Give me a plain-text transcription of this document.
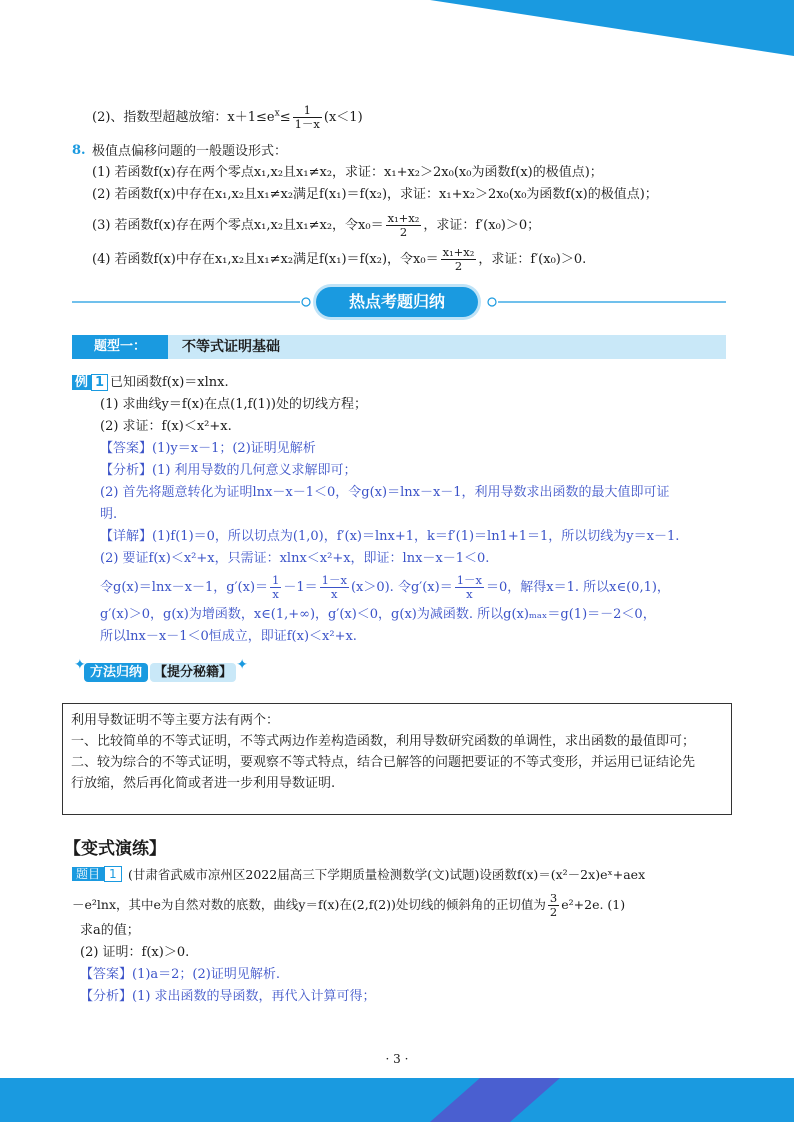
(2)、指数型超越放缩：$x+1\le e^x\le \frac{1}{1-x} (x<1)$
8. 极值点偏移问题的一般题设形式：
(1) 若函数f(x)存在两个零点x₁,x₂且x₁≠x₂，求证：x₁+x₂＞2x₀(x₀为函数f(x)的极值点)；
(2) 若函数f(x)中存在x₁,x₂且x₁≠x₂满足f(x₁)＝f(x₂)，求证：x₁+x₂＞2x₀(x₀为函数f(x)的极值点)；
(3) 若函数f(x)存在两个零点x₁,x₂且x₁≠x₂，令$x_0= \frac{\text{x₁+x₂}}{2}$ ，求证：f′(x₀)＞0；
(4) 若函数f(x)中存在x₁,x₂且x₁≠x₂满足f(x₁)＝f(x₂)，令$x_0= \frac{\text{x₁+x₂}}{2}$ ，求证：f′(x₀)＞0.
热点考题归纳
题型一：	不等式证明基础
例 1 已知函数f(x)＝xlnx.
(1) 求曲线y＝f(x)在点(1,f(1))处的切线方程；
(2) 求证：f(x)＜x²+x.
【答案】(1)y＝x－1；(2)证明见解析
【分析】(1) 利用导数的几何意义求解即可；
(2) 首先将题意转化为证明lnx－x－1＜0，令g(x)＝lnx－x－1，利用导数求出函数的最大值即可证
明.
【详解】(1)f(1)＝0，所以切点为(1,0)，f′(x)＝lnx+1，k＝f′(1)＝ln1+1＝1，所以切线为y＝x－1.
(2) 要证f(x)＜x²+x，只需证：xlnx＜x²+x，即证：lnx－x－1＜0.
令g(x)＝lnx－x－1，$g'(x)= \frac{1}{x} -1= \frac{1-x}{x} (x>0)$. 令$g'(x)= \frac{1-x}{x} =0$，解得x＝1. 所以x∈(0,1)，
g′(x)＞0，g(x)为增函数，x∈(1,+∞)，g′(x)＜0，g(x)为减函数. 所以g(x)ₘₐₓ＝g(1)＝－2＜0，
所以lnx－x－1＜0恒成立，即证f(x)＜x²+x.
✦ 方法归纳 【提分秘籍】 ✦
利用导数证明不等主要方法有两个：
一、比较简单的不等式证明，不等式两边作差构造函数，利用导数研究函数的单调性，求出函数的最值即可；
二、较为综合的不等式证明，要观察不等式特点，结合已解答的问题把要证的不等式变形，并运用已证结论先
行放缩，然后再化简或者进一步利用导数证明.
【变式演练】
题目 1 (甘肃省武威市凉州区2022届高三下学期质量检测数学(文)试题)设函数f(x)＝(x²－2x)eˣ+aex
－e²lnx，其中e为自然对数的底数，曲线y＝f(x)在(2,f(2))处切线的倾斜角的正切值为 $\frac{3}{2} e^2+2e$. (1)
求a的值；
(2) 证明：f(x)＞0.
【答案】(1)a＝2；(2)证明见解析.
【分析】(1) 求出函数的导函数，再代入计算可得；
· 3 ·
